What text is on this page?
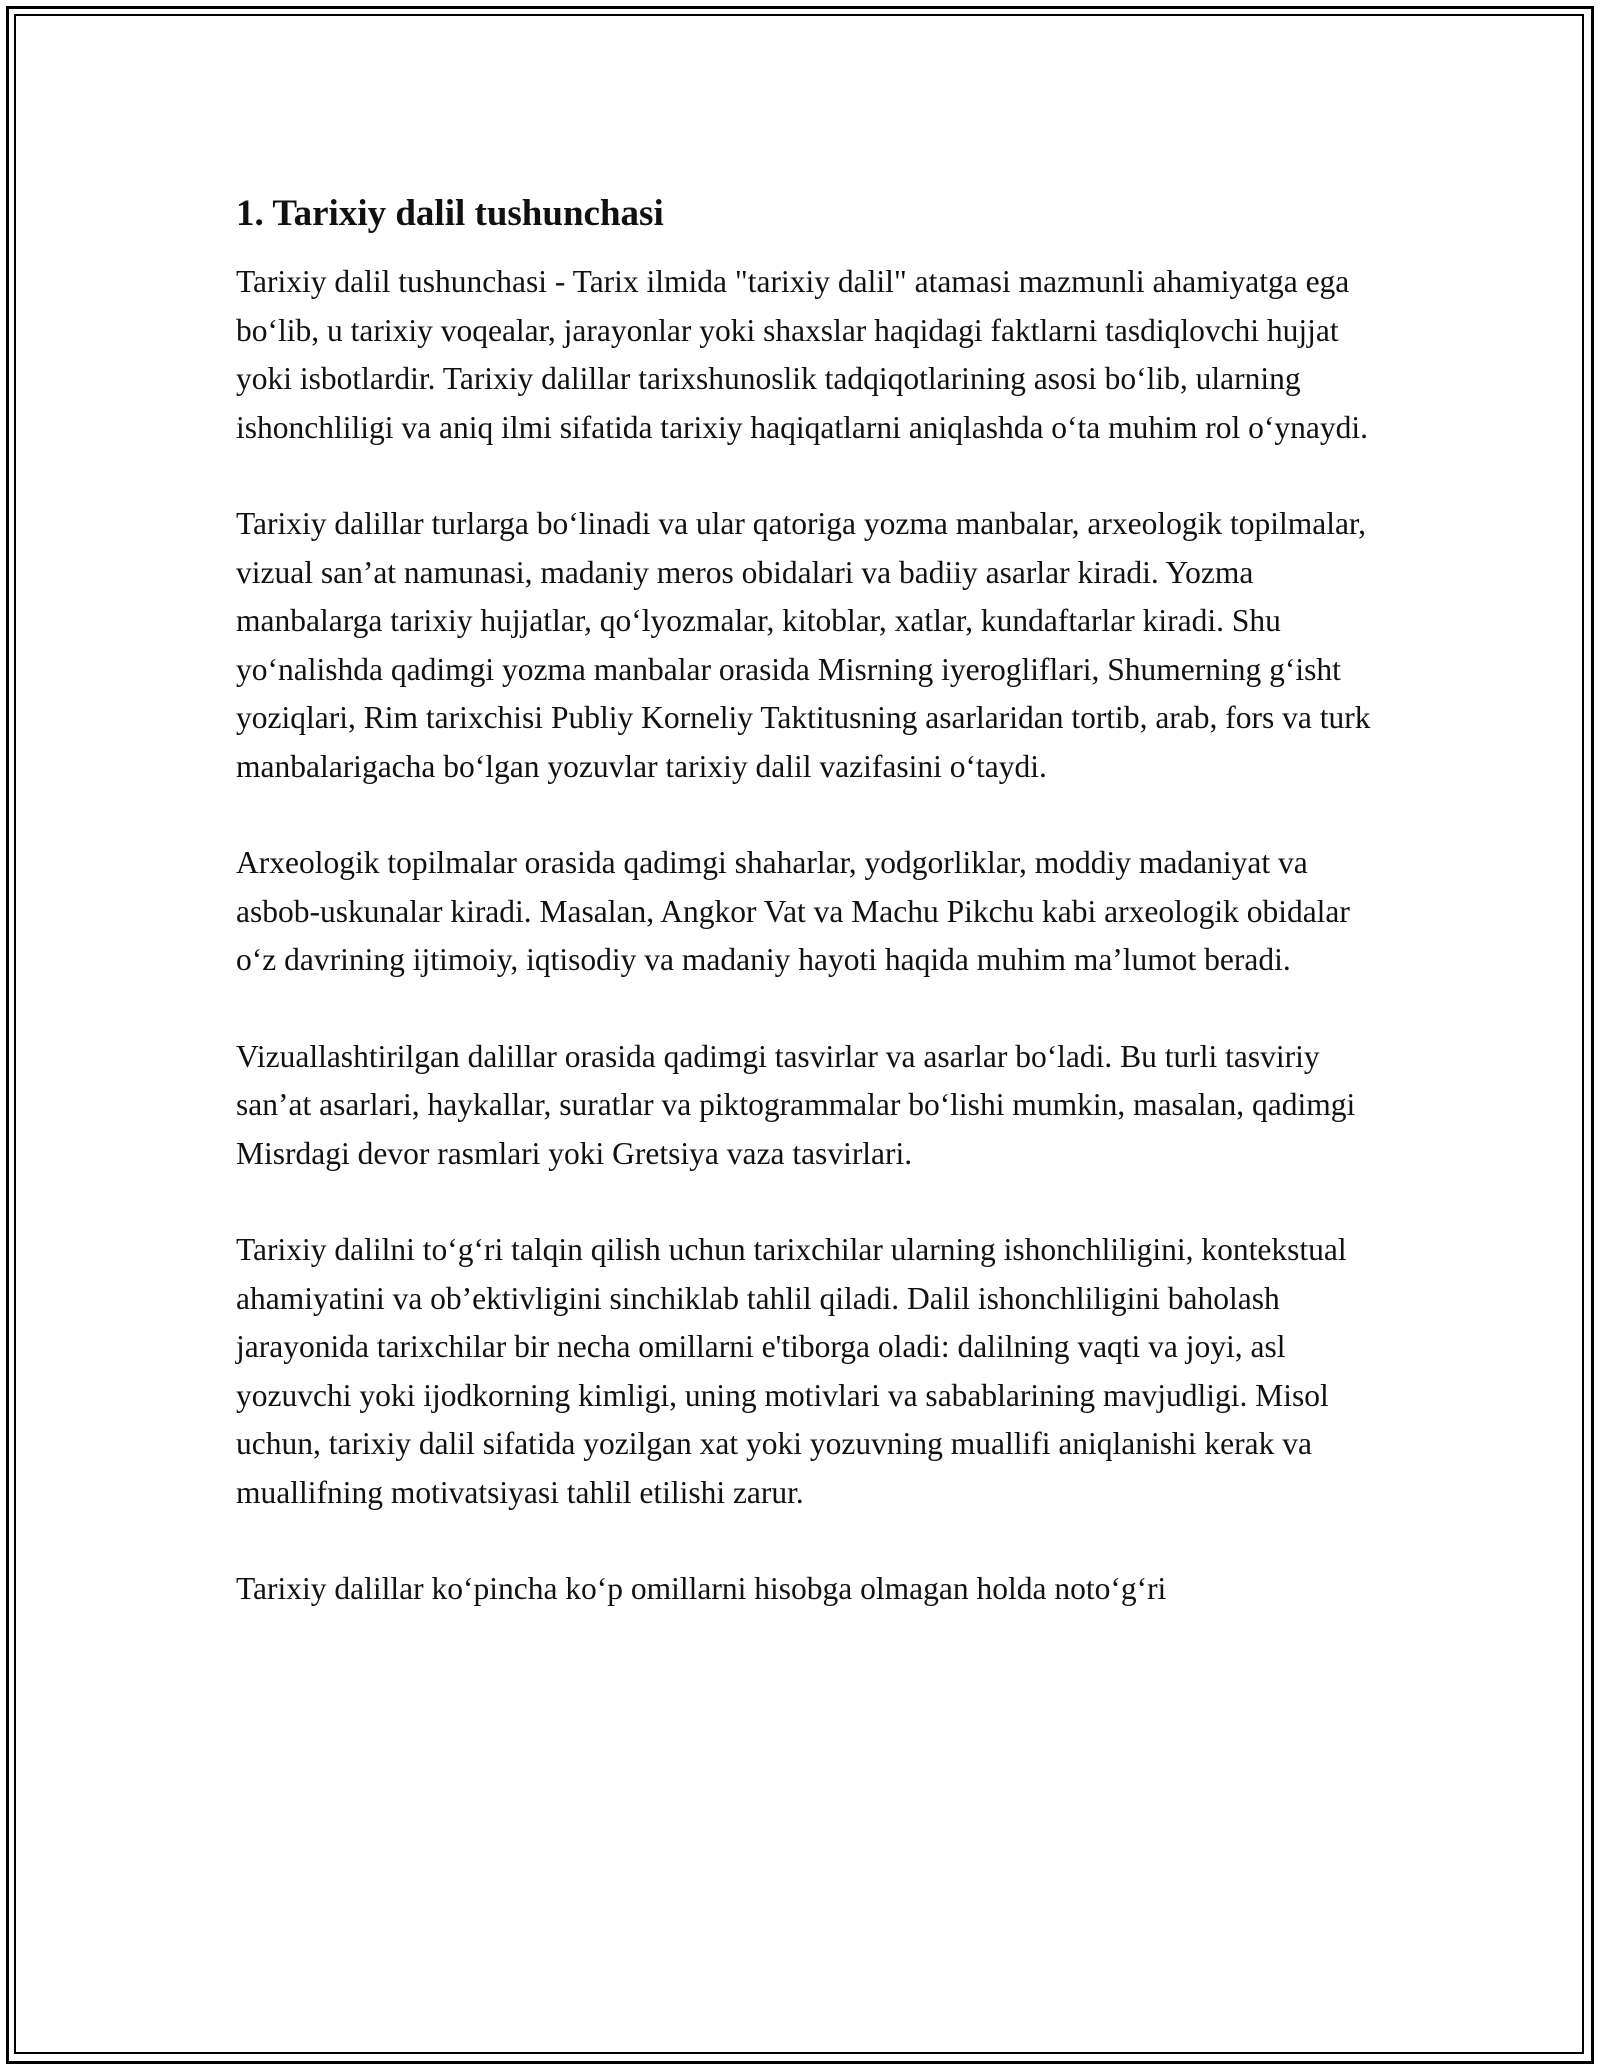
1. Tarixiy dalil tushunchasi

Tarixiy dalil tushunchasi - Tarix ilmida "tarixiy dalil" atamasi mazmunli ahamiyatga ega bo‘lib, u tarixiy voqealar, jarayonlar yoki shaxslar haqidagi faktlarni tasdiqlovchi hujjat yoki isbotlardir. Tarixiy dalillar tarixshunoslik tadqiqotlarining asosi bo‘lib, ularning ishonchliligi va aniq ilmi sifatida tarixiy haqiqatlarni aniqlashda o‘ta muhim rol o‘ynaydi.

Tarixiy dalillar turlarga bo‘linadi va ular qatoriga yozma manbalar, arxeologik topilmalar, vizual san’at namunasi, madaniy meros obidalari va badiiy asarlar kiradi. Yozma manbalarga tarixiy hujjatlar, qo‘lyozmalar, kitoblar, xatlar, kundaftarlar kiradi. Shu yo‘nalishda qadimgi yozma manbalar orasida Misrning iyerogliflari, Shumerning g‘isht yoziqlari, Rim tarixchisi Publiy Korneliy Taktitusning asarlaridan tortib, arab, fors va turk manbalarigacha bo‘lgan yozuvlar tarixiy dalil vazifasini o‘taydi.

Arxeologik topilmalar orasida qadimgi shaharlar, yodgorliklar, moddiy madaniyat va asbob-uskunalar kiradi. Masalan, Angkor Vat va Machu Pikchu kabi arxeologik obidalar o‘z davrining ijtimoiy, iqtisodiy va madaniy hayoti haqida muhim ma’lumot beradi.

Vizuallashtirilgan dalillar orasida qadimgi tasvirlar va asarlar bo‘ladi. Bu turli tasviriy san’at asarlari, haykallar, suratlar va piktogrammalar bo‘lishi mumkin, masalan, qadimgi Misrdagi devor rasmlari yoki Gretsiya vaza tasvirlari.

Tarixiy dalilni to‘g‘ri talqin qilish uchun tarixchilar ularning ishonchliligini, kontekstual ahamiyatini va ob’ektivligini sinchiklab tahlil qiladi. Dalil ishonchliligini baholash jarayonida tarixchilar bir necha omillarni e'tiborga oladi: dalilning vaqti va joyi, asl yozuvchi yoki ijodkorning kimligi, uning motivlari va sabablarining mavjudligi. Misol uchun, tarixiy dalil sifatida yozilgan xat yoki yozuvning muallifi aniqlanishi kerak va muallifning motivatsiyasi tahlil etilishi zarur.

Tarixiy dalillar ko‘pincha ko‘p omillarni hisobga olmagan holda noto‘g‘ri
